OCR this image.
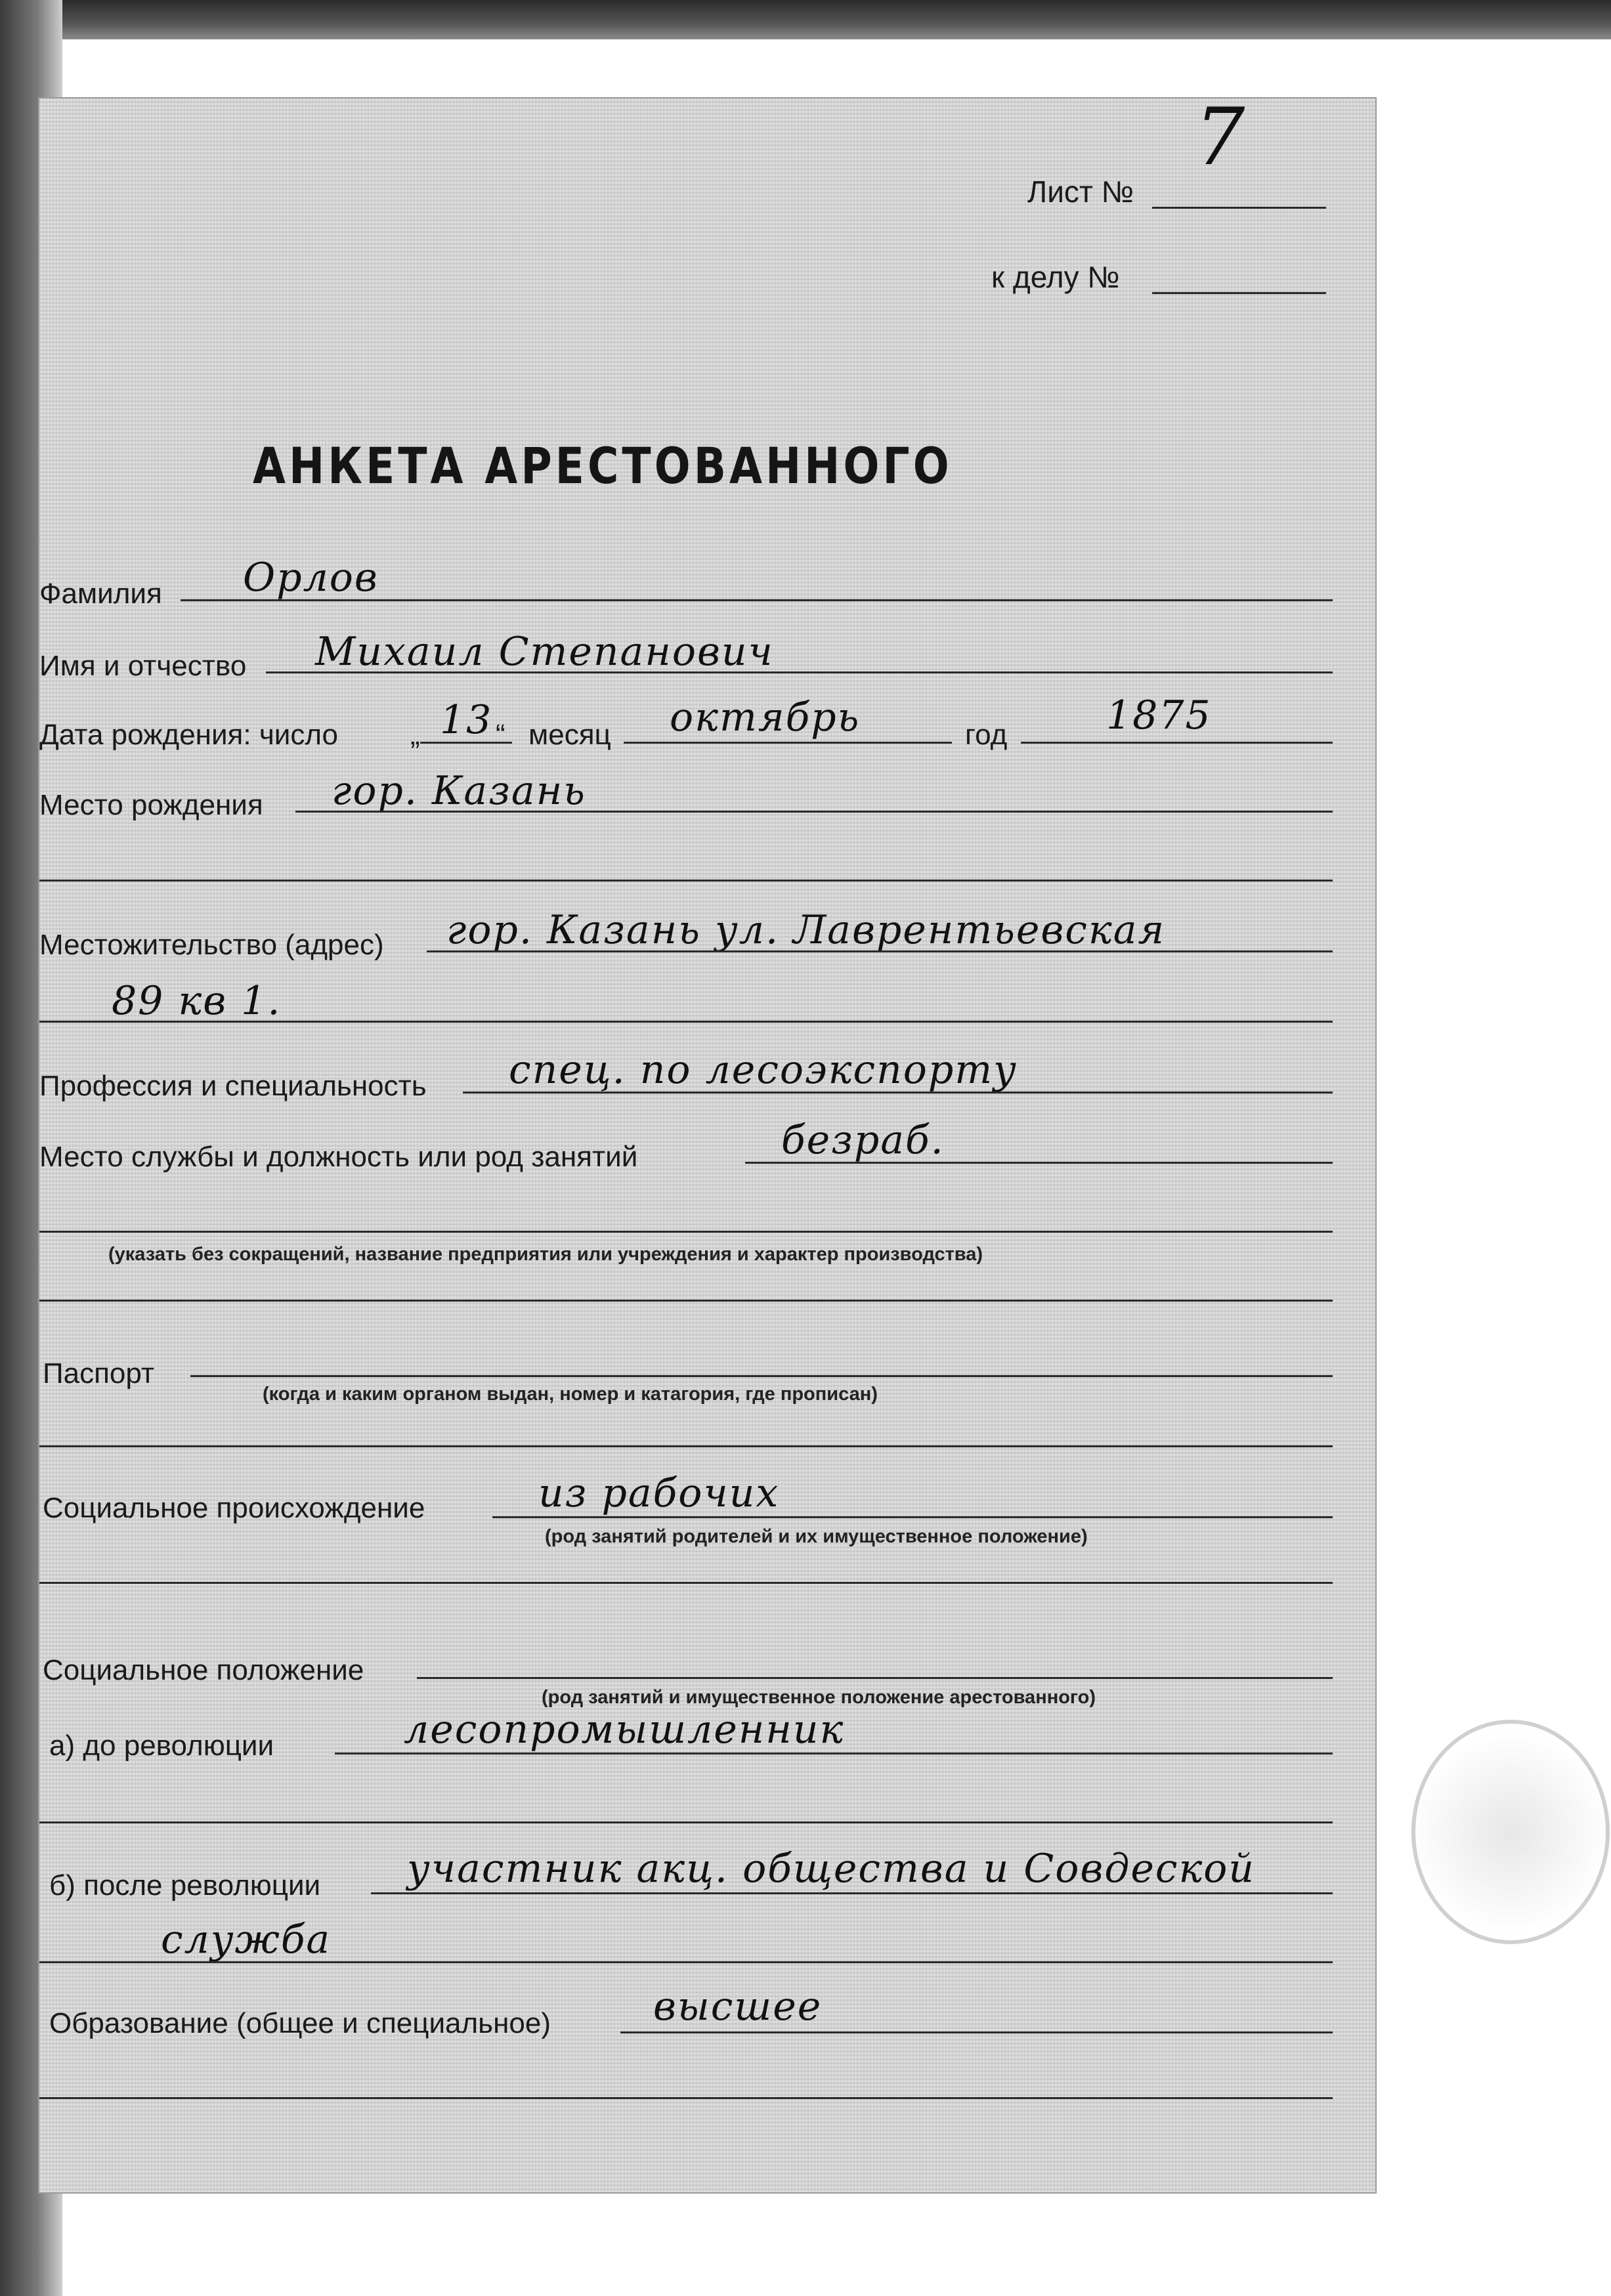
Лист №
7
к делу №
АНКЕТА АРЕСТОВАННОГО
Фамилия Орлов
Имя и отчество Михаил Степанович
Дата рождения: число	„ 13 “ месяц октябрь	год	1875
Место рождения гор. Казань
Местожительство (адрес) гор. Казань ул. Лаврентьевская
89 кв 1.
Профессия и специальность спец. по лесоэкспорту
Место службы и должность или род занятий	безраб.
(указать без сокращений, название предприятия или учреждения и характер производства)
Паспорт
(когда и каким органом выдан, номер и катагория, где прописан)
Социальное происхождение	из рабочих
(род занятий родителей и их имущественное положение)
Социальное положение
(род занятий и имущественное положение арестованного)
а) до революции	лесопромышленник
б) после революции участник акц. общества и Совдеской
служба
Образование (общее и специальное)	высшее
